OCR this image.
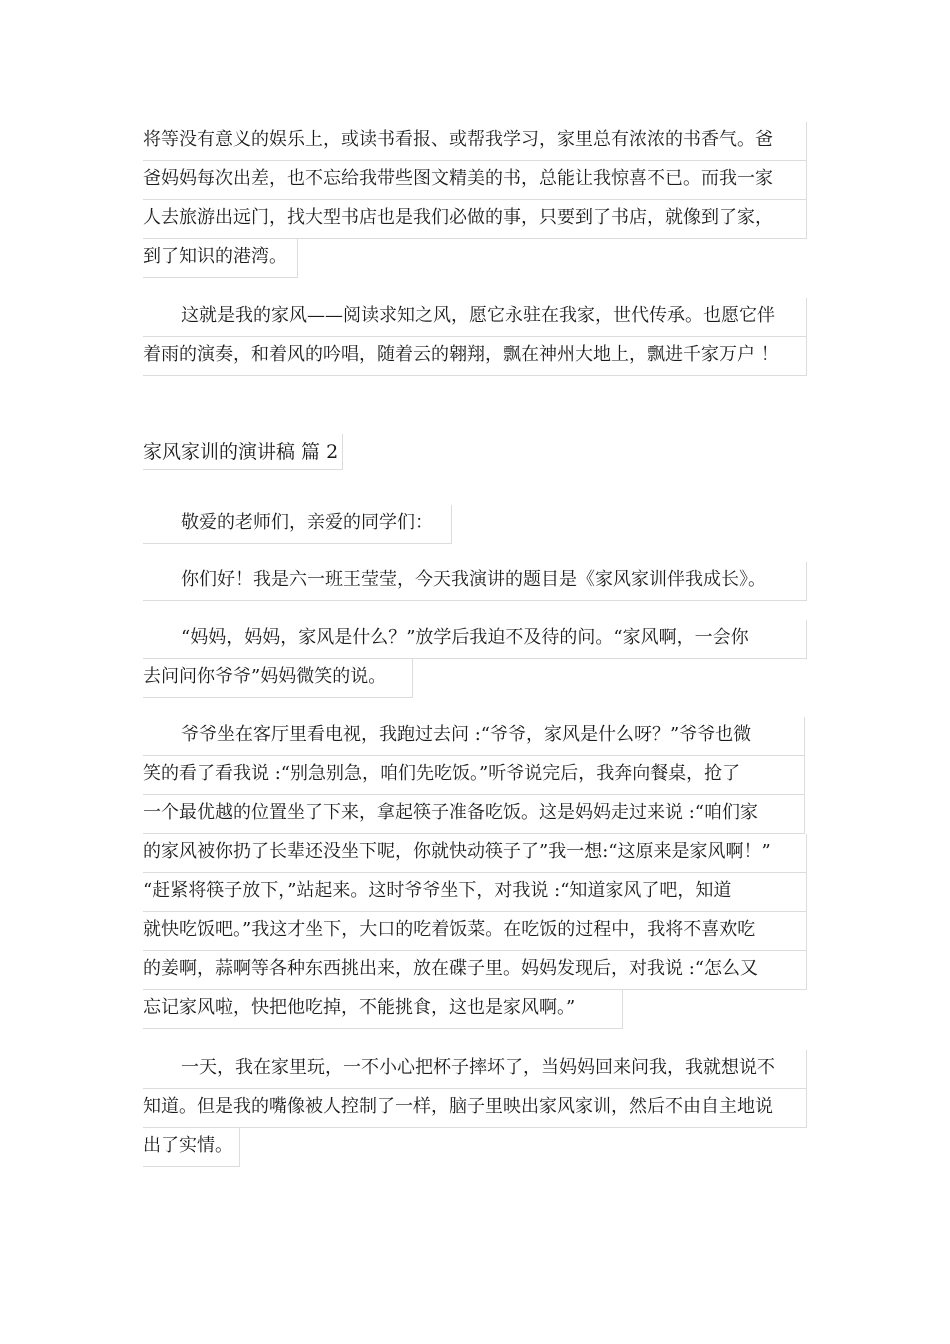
将等没有意义的娱乐上，或读书看报、或帮我学习，家里总有浓浓的书香气。爸
爸妈妈每次出差，也不忘给我带些图文精美的书，总能让我惊喜不已。而我一家
人去旅游出远门，找大型书店也是我们必做的事，只要到了书店，就像到了家，
到了知识的港湾。
这就是我的家风——阅读求知之风，愿它永驻在我家，世代传承。也愿它伴
着雨的演奏，和着风的吟唱，随着云的翱翔，飘在神州大地上，飘进千家万户 ！
家风家训的演讲稿 篇 2
敬爱的老师们，亲爱的同学们：
你们好！我是六一班王莹莹，今天我演讲的题目是《家风家训伴我成长》。
“妈妈，妈妈，家风是什么？”放学后我迫不及待的问。“家风啊，一会你
去问问你爷爷”妈妈微笑的说。
爷爷坐在客厅里看电视，我跑过去问 :“爷爷，家风是什么呀？”爷爷也微
笑的看了看我说 :“别急别急，咱们先吃饭。”听爷说完后，我奔向餐桌，抢了
一个最优越的位置坐了下来，拿起筷子准备吃饭。这是妈妈走过来说 :“咱们家
的家风被你扔了长辈还没坐下呢，你就快动筷子了”我一想:“这原来是家风啊！”
“赶紧将筷子放下，”站起来。这时爷爷坐下，对我说 :“知道家风了吧，知道
就快吃饭吧。”我这才坐下，大口的吃着饭菜。在吃饭的过程中，我将不喜欢吃
的姜啊，蒜啊等各种东西挑出来，放在碟子里。妈妈发现后，对我说 :“怎么又
忘记家风啦，快把他吃掉，不能挑食，这也是家风啊。”
一天，我在家里玩，一不小心把杯子摔坏了，当妈妈回来问我，我就想说不
知道。但是我的嘴像被人控制了一样，脑子里映出家风家训，然后不由自主地说
出了实情。
